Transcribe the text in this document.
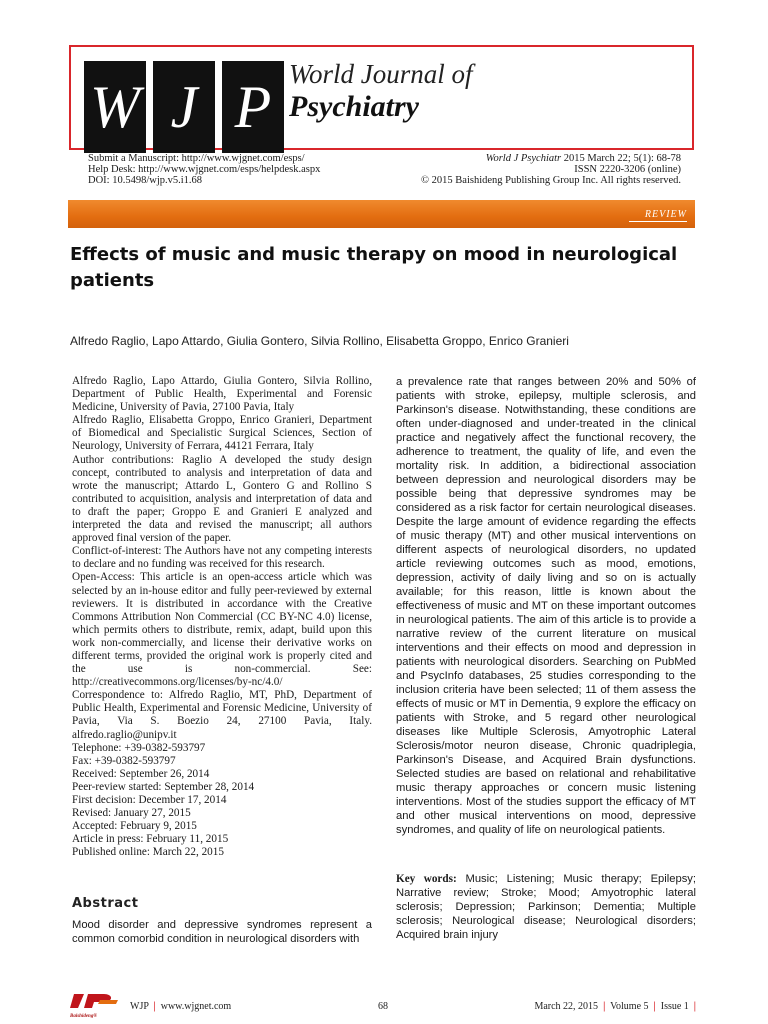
W J P World Journal of
Psychiatry
Submit a Manuscript: http://www.wjgnet.com/esps/
Help Desk: http://www.wjgnet.com/esps/helpdesk.aspx
DOI: 10.5498/wjp.v5.i1.68
World J Psychiatr 2015 March 22; 5(1): 68-78
ISSN 2220-3206 (online)
© 2015 Baishideng Publishing Group Inc. All rights reserved.
REVIEW
Effects of music and music therapy on mood in neurological patients
Alfredo Raglio, Lapo Attardo, Giulia Gontero, Silvia Rollino, Elisabetta Groppo, Enrico Granieri

Alfredo Raglio, Lapo Attardo, Giulia Gontero, Silvia Rollino, Department of Public Health, Experimental and Forensic Medicine, University of Pavia, 27100 Pavia, Italy

Alfredo Raglio, Elisabetta Groppo, Enrico Granieri, Department of Biomedical and Specialistic Surgical Sciences, Section of Neurology, University of Ferrara, 44121 Ferrara, Italy

Author contributions: Raglio A developed the study design concept, contributed to analysis and interpretation of data and wrote the manuscript; Attardo L, Gontero G and Rollino S contributed to acquisition, analysis and interpretation of data and to draft the paper; Groppo E and Granieri E analyzed and interpreted the data and revised the manuscript; all authors approved final version of the paper.

Conflict-of-interest: The Authors have not any competing interests to declare and no funding was received for this research.

Open-Access: This article is an open-access article which was selected by an in-house editor and fully peer-reviewed by external reviewers. It is distributed in accordance with the Creative Commons Attribution Non Commercial (CC BY-NC 4.0) license, which permits others to distribute, remix, adapt, build upon this work non-commercially, and license their derivative works on different terms, provided the original work is properly cited and the use is non-commercial. See: http://creativecommons.org/licenses/by-nc/4.0/

Correspondence to: Alfredo Raglio, MT, PhD, Department of Public Health, Experimental and Forensic Medicine, University of Pavia, Via S. Boezio 24, 27100 Pavia, Italy. alfredo.raglio@unipv.it

Telephone: +39-0382-593797

Fax: +39-0382-593797

Received: September 26, 2014

Peer-review started: September 28, 2014

First decision: December 17, 2014

Revised: January 27, 2015

Accepted: February 9, 2015

Article in press: February 11, 2015

Published online: March 22, 2015

a prevalence rate that ranges between 20% and 50% of patients with stroke, epilepsy, multiple sclerosis, and Parkinson's disease. Notwithstanding, these conditions are often under-diagnosed and under-treated in the clinical practice and negatively affect the functional recovery, the adherence to treatment, the quality of life, and even the mortality risk. In addition, a bidirectional association between depression and neurological disorders may be possible being that depressive syndromes may be considered as a risk factor for certain neurological diseases. Despite the large amount of evidence regarding the effects of music therapy (MT) and other musical interventions on different aspects of neurological disorders, no updated article reviewing outcomes such as mood, emotions, depression, activity of daily living and so on is actually available; for this reason, little is known about the effectiveness of music and MT on these important outcomes in neurological patients. The aim of this article is to provide a narrative review of the current literature on musical interventions and their effects on mood and depression in patients with neurological disorders. Searching on PubMed and PsycInfo databases, 25 studies corresponding to the inclusion criteria have been selected; 11 of them assess the effects of music or MT in Dementia, 9 explore the efficacy on patients with Stroke, and 5 regard other neurological diseases like Multiple Sclerosis, Amyotrophic Lateral Sclerosis/motor neuron disease, Chronic quadriplegia, Parkinson's Disease, and Acquired Brain dysfunctions. Selected studies are based on relational and rehabilitative music therapy approaches or concern music listening interventions. Most of the studies support the efficacy of MT and other musical interventions on mood, depressive syndromes, and quality of life on neurological patients.
Key words: Music; Listening; Music therapy; Epilepsy; Narrative review; Stroke; Mood; Amyotrophic lateral sclerosis; Depression; Parkinson; Dementia; Multiple sclerosis; Neurological disease; Neurological disorders; Acquired brain injury
Abstract
Mood disorder and depressive syndromes represent a common comorbid condition in neurological disorders with
Baishideng®
WJP  |  www.wjgnet.com	68	March 22, 2015  |  Volume 5  |  Issue 1  |
